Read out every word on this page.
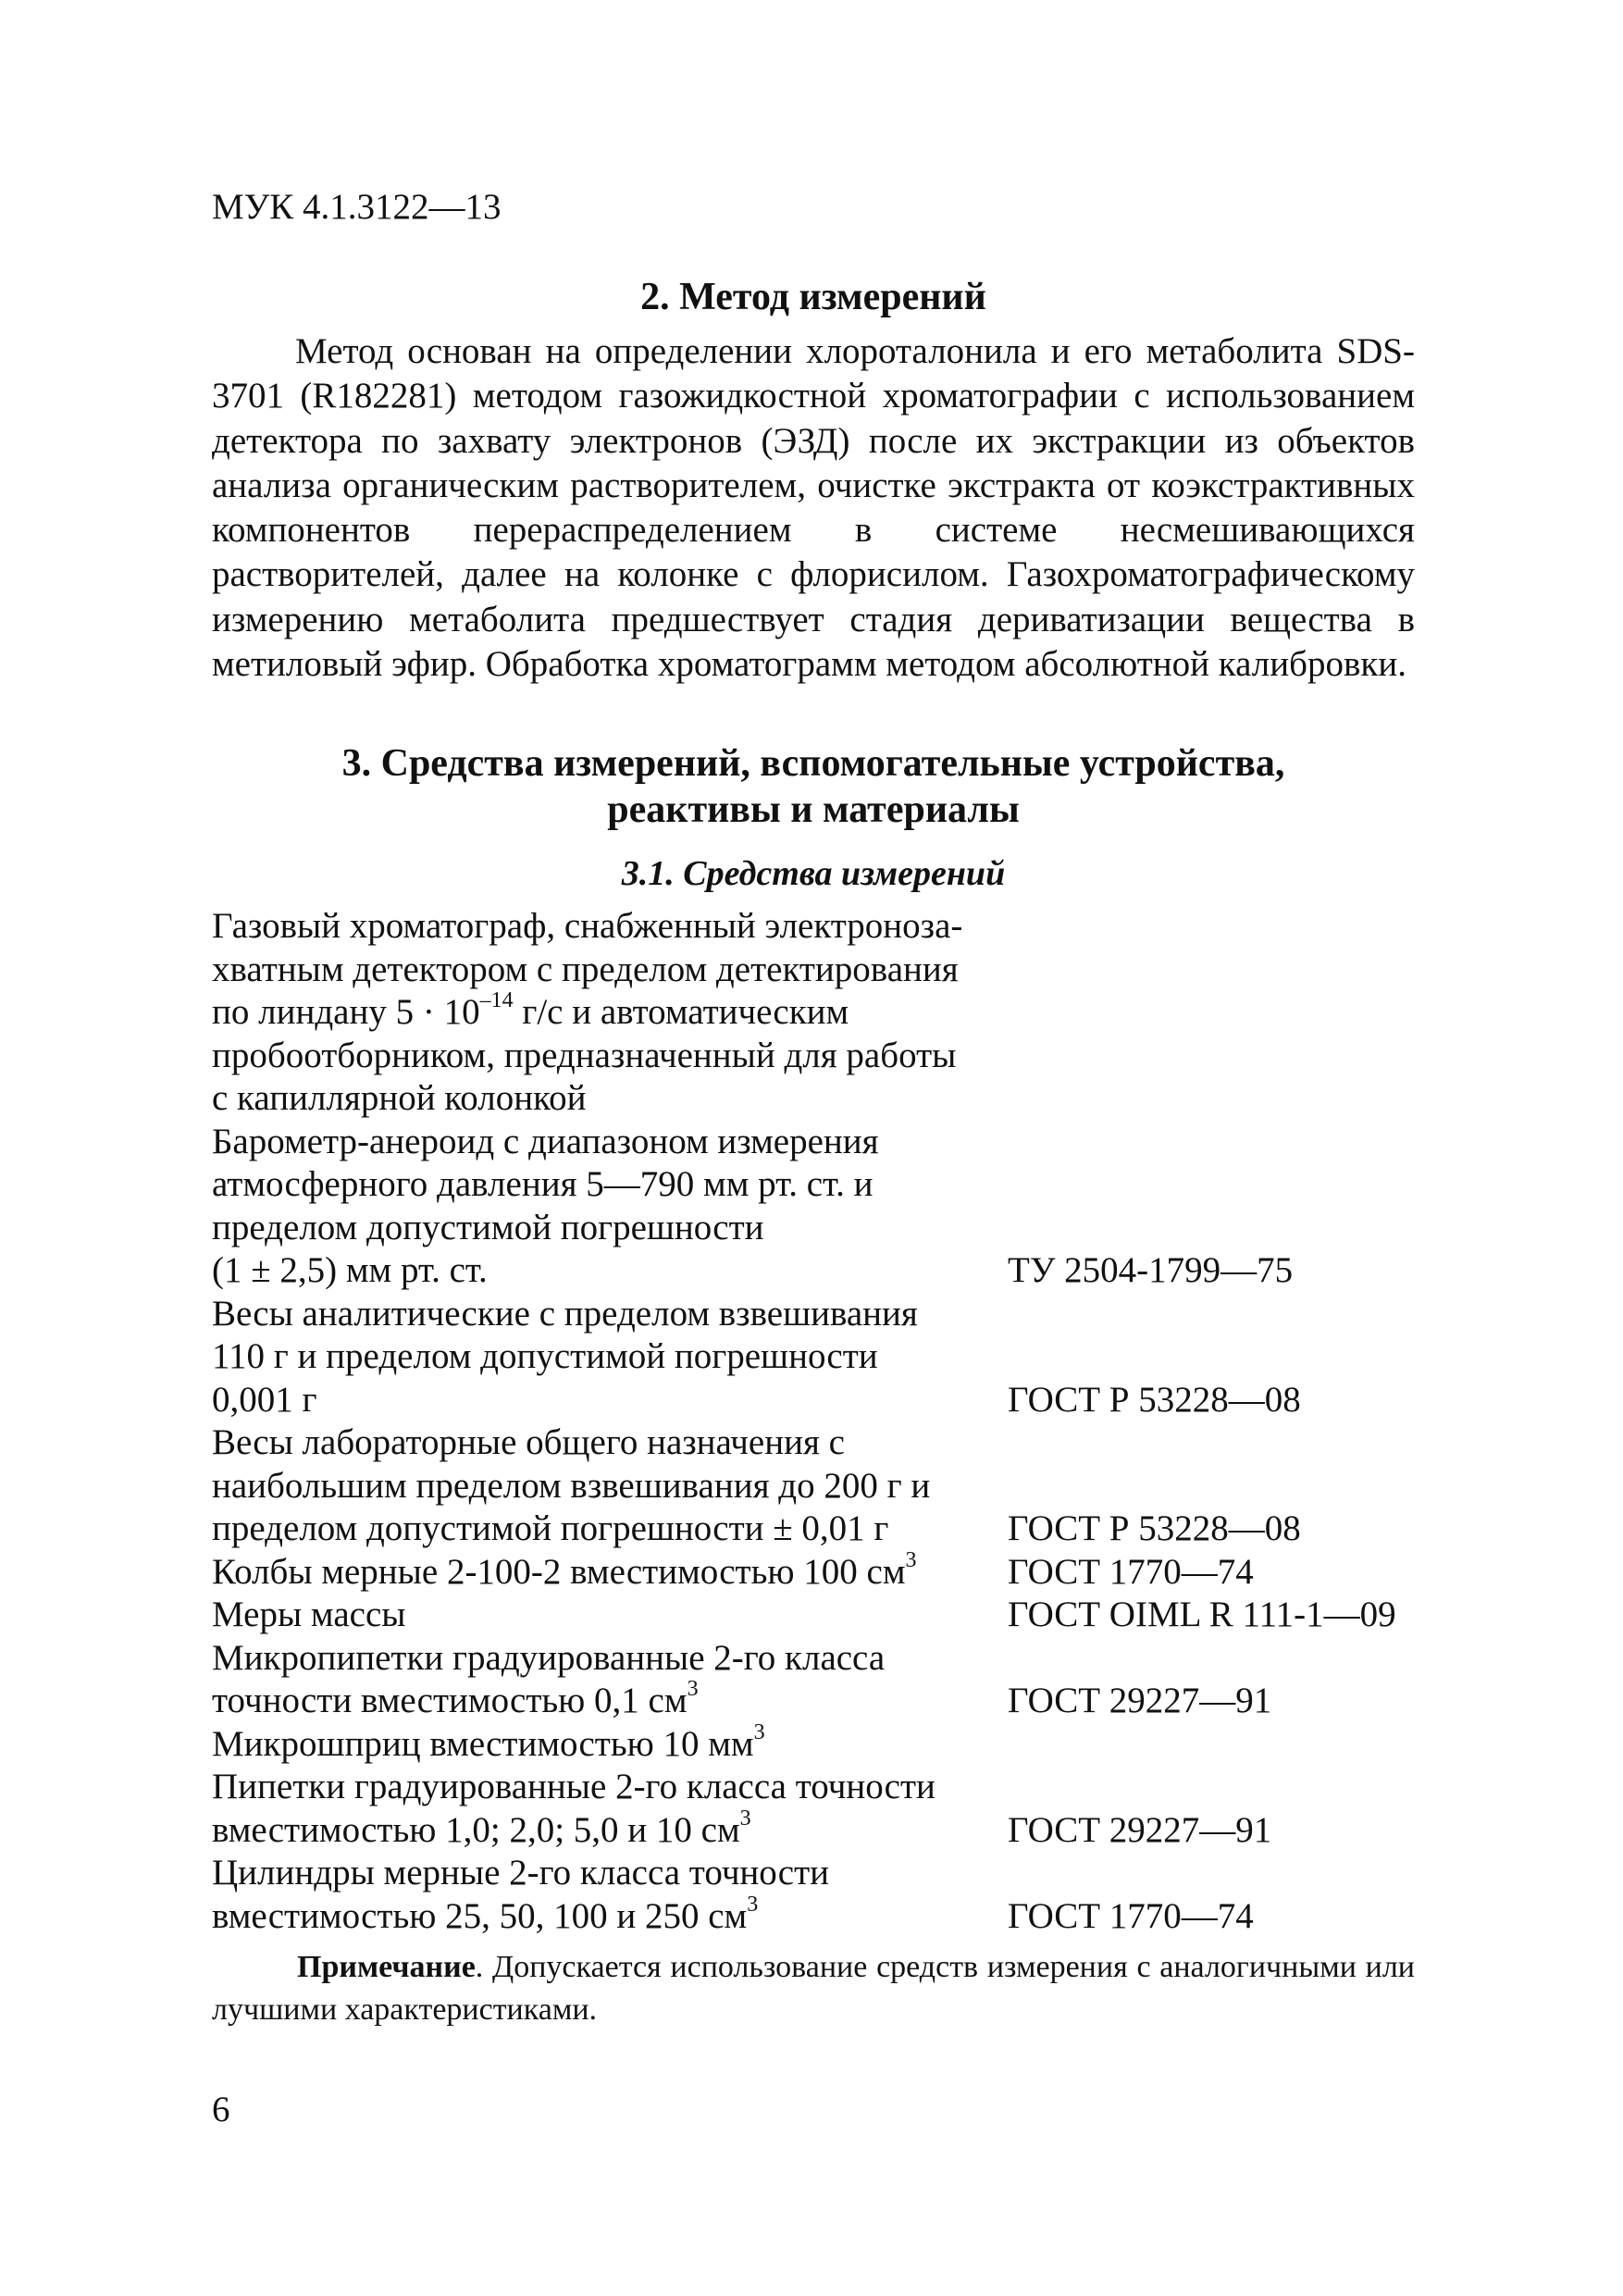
МУК 4.1.3122—13
2. Метод измерений

Метод основан на определении хлороталонила и его метаболита SDS-3701 (R182281) методом газожидкостной хроматографии с использованием детектора по захвату электронов (ЭЗД) после их экстракции из объектов анализа органическим растворителем, очистке экстракта от коэкстрактивных компонентов перераспределением в системе несмешивающихся растворителей, далее на колонке с флорисилом. Газохроматографическому измерению метаболита предшествует стадия дериватизации вещества в метиловый эфир. Обработка хроматограмм методом абсолютной калибровки.

3. Средства измерений, вспомогательные устройства,
реактивы и материалы

3.1. Средства измерений

Газовый хроматограф, снабженный электроноза-
хватным детектором с пределом детектирования
по линдану $5 \cdot 10^{-14}$ г/с и автоматическим
пробоотборником, предназначенный для работы
с капиллярной колонкой
Барометр-анероид с диапазоном измерения
атмосферного давления 5—790 мм рт. ст. и
пределом допустимой погрешности
(1 ± 2,5) мм рт. ст.	ТУ 2504-1799—75
Весы аналитические с пределом взвешивания
110 г и пределом допустимой погрешности
0,001 г	ГОСТ Р 53228—08
Весы лабораторные общего назначения с
наибольшим пределом взвешивания до 200 г и
пределом допустимой погрешности ± 0,01 г	ГОСТ Р 53228—08
Колбы мерные 2-100-2 вместимостью 100 $см^3$	ГОСТ 1770—74
Меры массы	ГОСТ OIML R 111-1—09
Микропипетки градуированные 2-го класса
точности вместимостью 0,1 $см^3$	ГОСТ 29227—91
Микрошприц вместимостью 10 $мм^3$
Пипетки градуированные 2-го класса точности
вместимостью 1,0; 2,0; 5,0 и 10 $см^3$	ГОСТ 29227—91
Цилиндры мерные 2-го класса точности
вместимостью 25, 50, 100 и 250 $см^3$	ГОСТ 1770—74

Примечание. Допускается использование средств измерения с аналогичными или лучшими характеристиками.

6
